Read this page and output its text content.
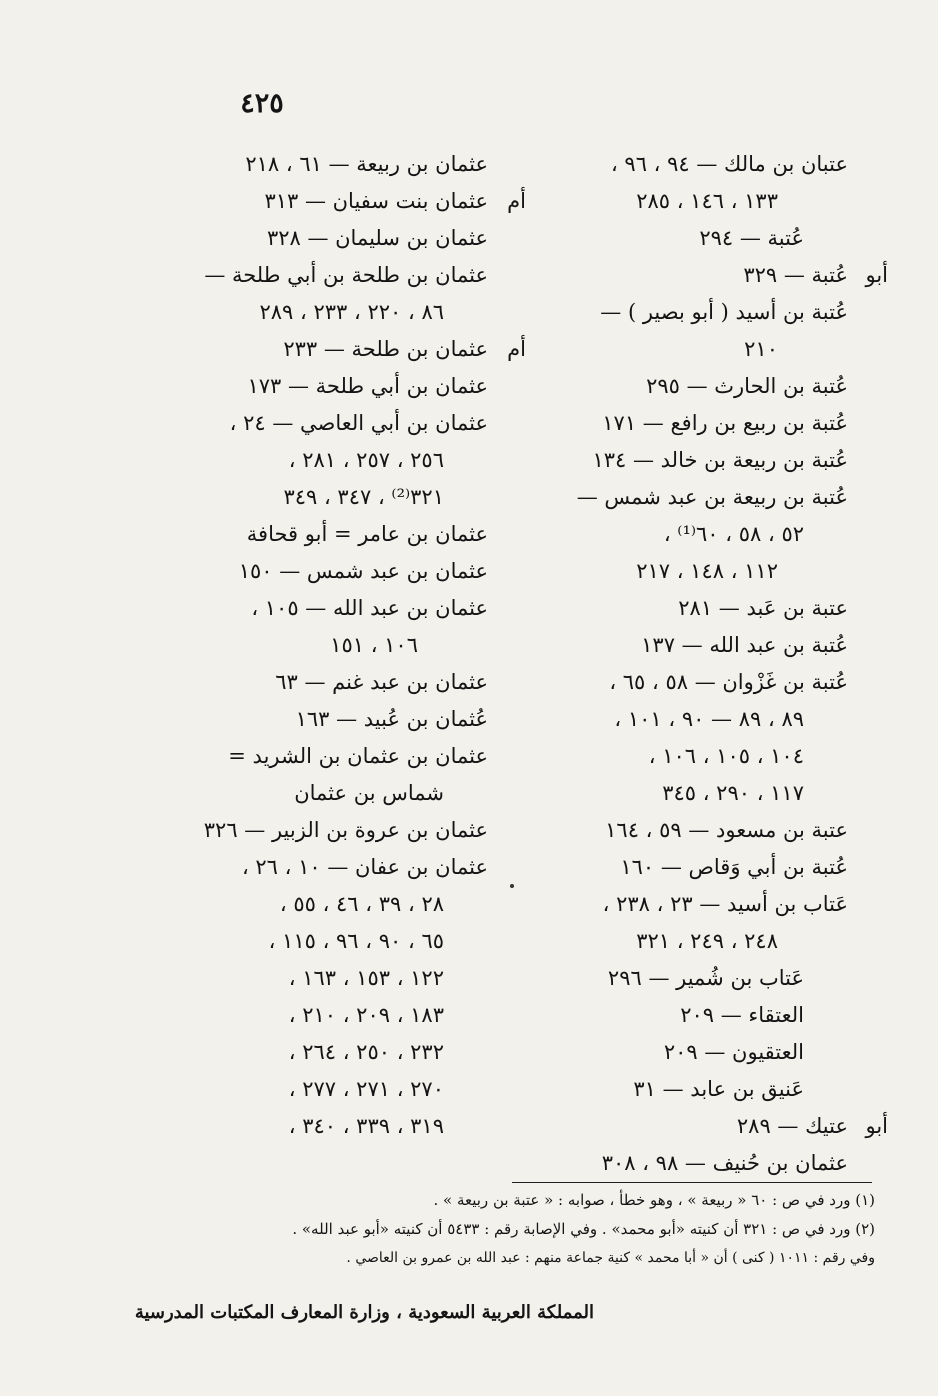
٤٢٥
عتبان بن مالك — ٩٤ ، ٩٦ ،
١٣٣ ، ١٤٦ ، ٢٨٥
عُتبة — ٢٩٤
أبو
عُتبة — ٣٢٩
عُتبة بن أسيد ( أبو بصير ) —
٢١٠
عُتبة بن الحارث — ٢٩٥
عُتبة بن ربيع بن رافع — ١٧١
عُتبة بن ربيعة بن خالد — ١٣٤
عُتبة بن ربيعة بن عبد شمس —
٥٢ ، ٥٨ ، ٦٠⁽¹⁾ ،
١١٢ ، ١٤٨ ، ٢١٧
عتبة بن عَبد — ٢٨١
عُتبة بن عبد الله — ١٣٧
عُتبة بن غَزْوان — ٥٨ ، ٦٥ ،
٨٩ ، ٨٩ — ٩٠ ، ١٠١ ،
١٠٤ ، ١٠٥ ، ١٠٦ ،
١١٧ ، ٢٩٠ ، ٣٤٥
عتبة بن مسعود — ٥٩ ، ١٦٤
عُتبة بن أبي وَقاص — ١٦٠
عَتاب بن أسيد — ٢٣ ، ٢٣٨ ،
٢٤٨ ، ٢٤٩ ، ٣٢١
عَتاب بن شُمير — ٢٩٦
العتقاء — ٢٠٩
العتقيون — ٢٠٩
عَنيق بن عابد — ٣١
أبو
عتيك — ٢٨٩
عثمان بن حُنيف — ٩٨ ، ٣٠٨
عثمان بن ربيعة — ٦١ ، ٢١٨
أم
عثمان بنت سفيان — ٣١٣
عثمان بن سليمان — ٣٢٨
عثمان بن طلحة بن أبي طلحة —
٨٦ ، ٢٢٠ ، ٢٣٣ ، ٢٨٩
أم
عثمان بن طلحة — ٢٣٣
عثمان بن أبي طلحة — ١٧٣
عثمان بن أبي العاصي — ٢٤ ،
٢٥٦ ، ٢٥٧ ، ٢٨١ ،
٣٢١⁽²⁾ ، ٣٤٧ ، ٣٤٩
عثمان بن عامر = أبو قحافة
عثمان بن عبد شمس — ١٥٠
عثمان بن عبد الله — ١٠٥ ،
١٠٦ ، ١٥١
عثمان بن عبد غنم — ٦٣
عُثمان بن عُبيد — ١٦٣
عثمان بن عثمان بن الشريد =
شماس بن عثمان
عثمان بن عروة بن الزبير — ٣٢٦
عثمان بن عفان — ١٠ ، ٢٦ ،
٢٨ ، ٣٩ ، ٤٦ ، ٥٥ ،
٦٥ ، ٩٠ ، ٩٦ ، ١١٥ ،
١٢٢ ، ١٥٣ ، ١٦٣ ،
١٨٣ ، ٢٠٩ ، ٢١٠ ،
٢٣٢ ، ٢٥٠ ، ٢٦٤ ،
٢٧٠ ، ٢٧١ ، ٢٧٧ ،
٣١٩ ، ٣٣٩ ، ٣٤٠ ،
(١) ورد في ص : ٦٠ « ربيعة » ، وهو خطأ ، صوابه : « عتبة بن ربيعة » .
(٢) ورد في ص : ٣٢١ أن كنيته «أبو محمد» . وفي الإصابة رقم : ٥٤٣٣ أن كنيته «أبو عبد الله» .
وفي رقم : ١٠١١ ( كنى ) أن « أبا محمد » كنية جماعة منهم : عبد الله بن عمرو بن العاصي .
المملكة العربية السعودية ، وزارة المعارف المكتبات المدرسية
